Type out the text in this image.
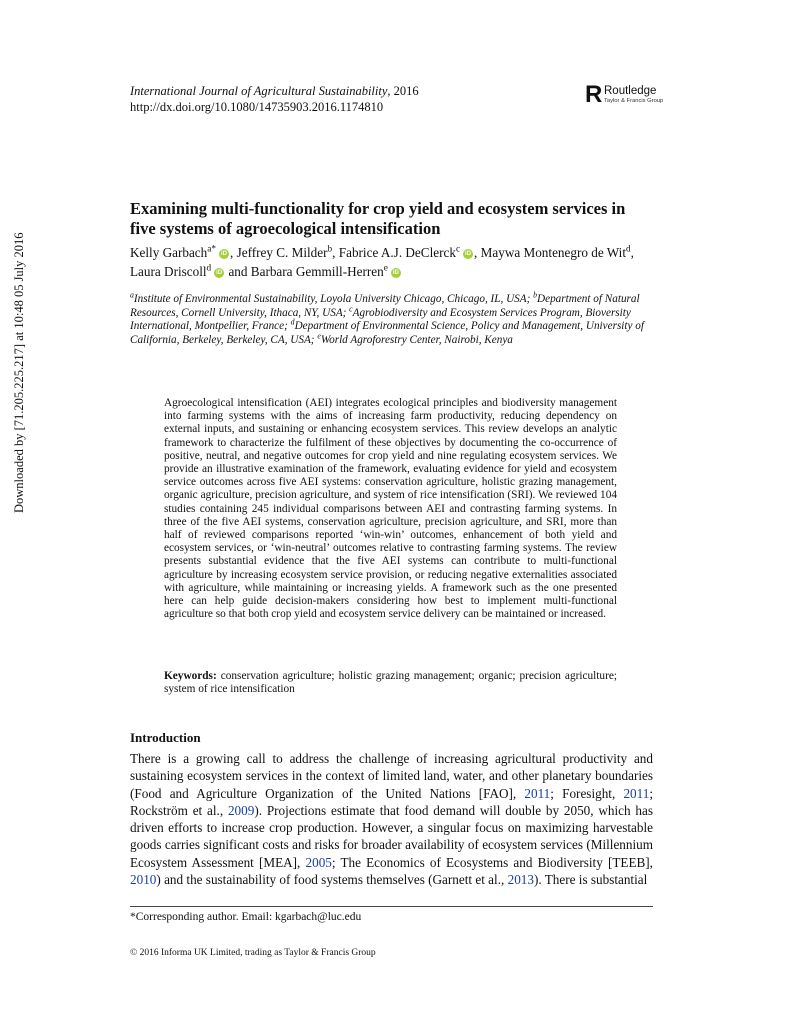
International Journal of Agricultural Sustainability, 2016
http://dx.doi.org/10.1080/14735903.2016.1174810	R Routledge
Taylor & Francis Group
Downloaded by [71.205.225.217] at 10:48 05 July 2016
Examining multi-functionality for crop yield and ecosystem services in five systems of agroecological intensification
Kelly Garbach$^{a*}$iD , Jeffrey C. Milder$^b$, Fabrice A.J. DeClerck$^c$iD , Maywa Montenegro de Wit$^d$, Laura Driscoll$^d$iD and Barbara Gemmill-Herren$^e$iD
$^a$Institute of Environmental Sustainability, Loyola University Chicago, Chicago, IL, USA; $^b$Department of Natural Resources, Cornell University, Ithaca, NY, USA; $^c$Agrobiodiversity and Ecosystem Services Program, Bioversity International, Montpellier, France; $^d$Department of Environmental Science, Policy and Management, University of California, Berkeley, Berkeley, CA, USA; $^e$World Agroforestry Center, Nairobi, Kenya
Agroecological intensification (AEI) integrates ecological principles and biodiversity management into farming systems with the aims of increasing farm productivity, reducing dependency on external inputs, and sustaining or enhancing ecosystem services. This review develops an analytic framework to characterize the fulfilment of these objectives by documenting the co-occurrence of positive, neutral, and negative outcomes for crop yield and nine regulating ecosystem services. We provide an illustrative examination of the framework, evaluating evidence for yield and ecosystem service outcomes across five AEI systems: conservation agriculture, holistic grazing management, organic agriculture, precision agriculture, and system of rice intensification (SRI). We reviewed 104 studies containing 245 individual comparisons between AEI and contrasting farming systems. In three of the five AEI systems, conservation agriculture, precision agriculture, and SRI, more than half of reviewed comparisons reported ‘win-win’ outcomes, enhancement of both yield and ecosystem services, or ‘win-neutral’ outcomes relative to contrasting farming systems. The review presents substantial evidence that the five AEI systems can contribute to multi-functional agriculture by increasing ecosystem service provision, or reducing negative externalities associated with agriculture, while maintaining or increasing yields. A framework such as the one presented here can help guide decision-makers considering how best to implement multi-functional agriculture so that both crop yield and ecosystem service delivery can be maintained or increased.
Keywords: conservation agriculture; holistic grazing management; organic; precision agriculture; system of rice intensification
Introduction
There is a growing call to address the challenge of increasing agricultural productivity and sustaining ecosystem services in the context of limited land, water, and other planetary boundaries (Food and Agriculture Organization of the United Nations [FAO], 2011; Foresight, 2011; Rockström et al., 2009). Projections estimate that food demand will double by 2050, which has driven efforts to increase crop production. However, a singular focus on maximizing harvestable goods carries significant costs and risks for broader availability of ecosystem services (Millennium Ecosystem Assessment [MEA], 2005; The Economics of Ecosystems and Biodiversity [TEEB], 2010) and the sustainability of food systems themselves (Garnett et al., 2013). There is substantial
*Corresponding author. Email: kgarbach@luc.edu
© 2016 Informa UK Limited, trading as Taylor & Francis Group
